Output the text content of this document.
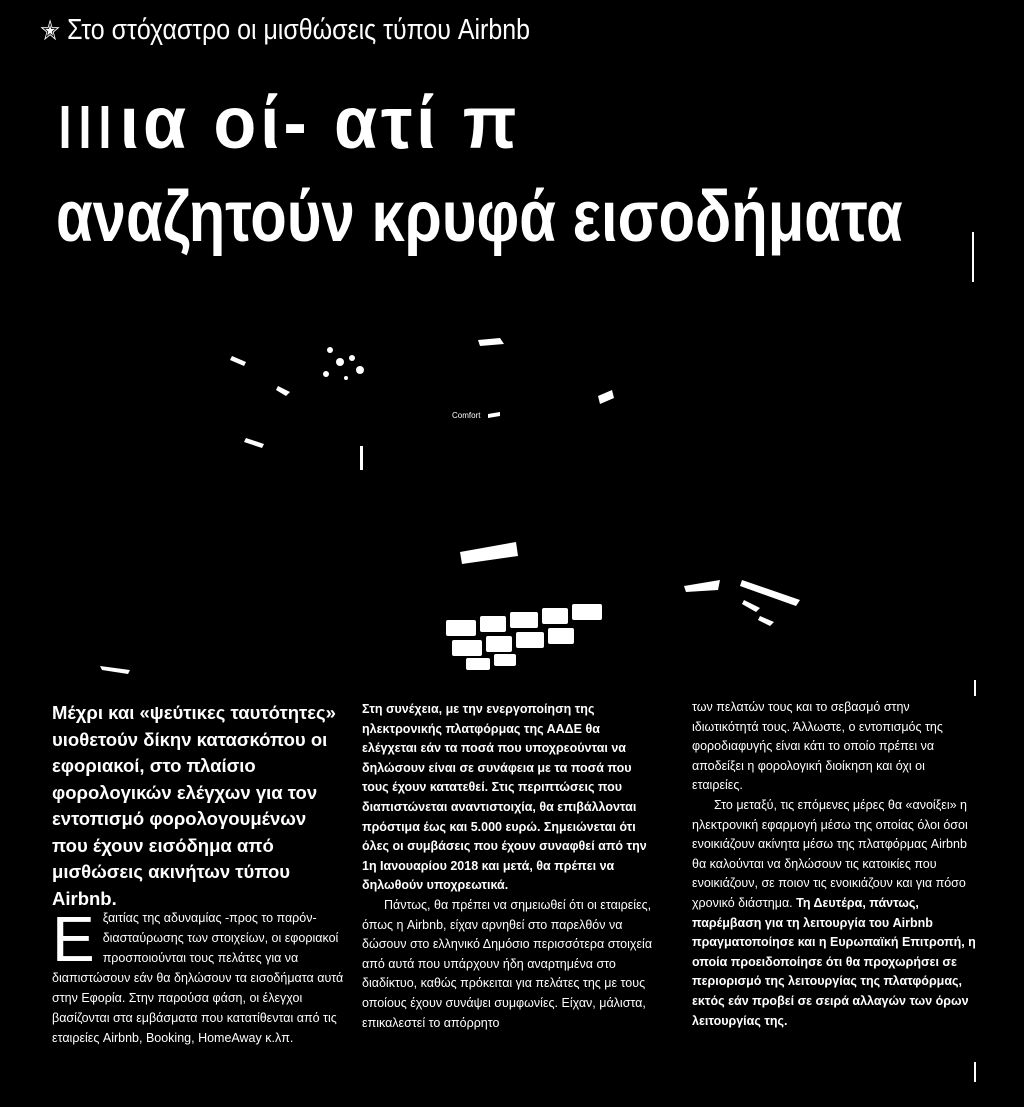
✭ Στο στόχαστρο οι μισθώσεις τύπου Airbnb
ια οί- ατί π
αναζητούν κρυφά εισοδήματα
Comfort
Μέχρι και «ψεύτικες ταυτότητες» υιοθετούν δίκην κατασκόπου οι εφοριακοί, στο πλαίσιο φορολογικών ελέγχων για τον εντοπισμό φορολογουμένων που έχουν εισόδημα από μισθώσεις ακινήτων τύπου Airbnb.
Ε ξαιτίας της αδυναμίας -προς το παρόν- διασταύρωσης των στοιχείων, οι εφοριακοί προσποιούνται τους πελάτες για να διαπιστώσουν εάν θα δηλώσουν τα εισοδήματα αυτά στην Εφορία. Στην παρούσα φάση, οι έλεγχοι βασίζονται στα εμβάσματα που κατατίθενται από τις εταιρείες Airbnb, Booking, HomeAway κ.λπ.

Στη συνέχεια, με την ενεργοποίηση της ηλεκτρονικής πλατφόρμας της ΑΑΔΕ θα ελέγχεται εάν τα ποσά που υποχρεούνται να δηλώσουν είναι σε συνάφεια με τα ποσά που τους έχουν κατατεθεί. Στις περιπτώσεις που διαπιστώνεται αναντιστοιχία, θα επιβάλλονται πρόστιμα έως και 5.000 ευρώ. Σημειώνεται ότι όλες οι συμβάσεις που έχουν συναφθεί από την 1η Ιανουαρίου 2018 και μετά, θα πρέπει να δηλωθούν υποχρεωτικά.

Πάντως, θα πρέπει να σημειωθεί ότι οι εταιρείες, όπως η Airbnb, είχαν αρνηθεί στο παρελθόν να δώσουν στο ελληνικό Δημόσιο περισσότερα στοιχεία από αυτά που υπάρχουν ήδη αναρτημένα στο διαδίκτυο, καθώς πρόκειται για πελάτες της με τους οποίους έχουν συνάψει συμφωνίες. Είχαν, μάλιστα, επικαλεστεί το απόρρητο

των πελατών τους και το σεβασμό στην ιδιωτικότητά τους. Άλλωστε, ο εντοπισμός της φοροδιαφυγής είναι κάτι το οποίο πρέπει να αποδείξει η φορολογική διοίκηση και όχι οι εταιρείες.

Στο μεταξύ, τις επόμενες μέρες θα «ανοίξει» η ηλεκτρονική εφαρμογή μέσω της οποίας όλοι όσοι ενοικιάζουν ακίνητα μέσω της πλατφόρμας Airbnb θα καλούνται να δηλώσουν τις κατοικίες που ενοικιάζουν, σε ποιον τις ενοικιάζουν και για πόσο χρονικό διάστημα. Τη Δευτέρα, πάντως, παρέμβαση για τη λειτουργία του Airbnb πραγματοποίησε και η Ευρωπαϊκή Επιτροπή, η οποία προειδοποίησε ότι θα προχωρήσει σε περιορισμό της λειτουργίας της πλατφόρμας, εκτός εάν προβεί σε σειρά αλλαγών των όρων λειτουργίας της.
